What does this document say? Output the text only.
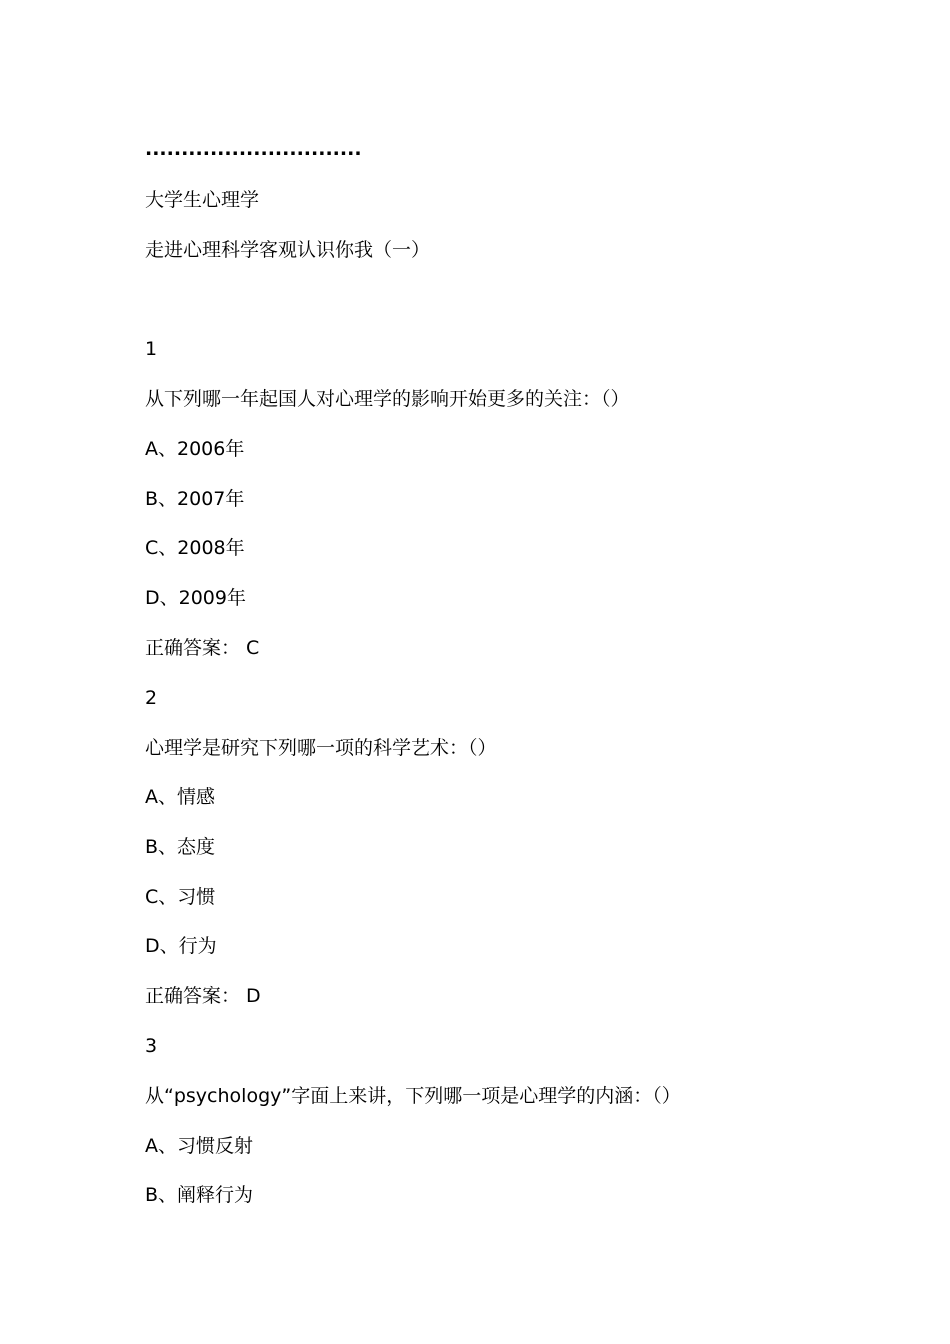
..............................
大学生心理学
走进心理科学客观认识你我（一）
1
从下列哪一年起国人对心理学的影响开始更多的关注：（）
A、2006年
B、2007年
C、2008年
D、2009年
正确答案： C
2
心理学是研究下列哪一项的科学艺术：（）
A、情感
B、态度
C、习惯
D、行为
正确答案： D
3
从“psychology”字面上来讲，下列哪一项是心理学的内涵：（）
A、习惯反射
B、阐释行为
